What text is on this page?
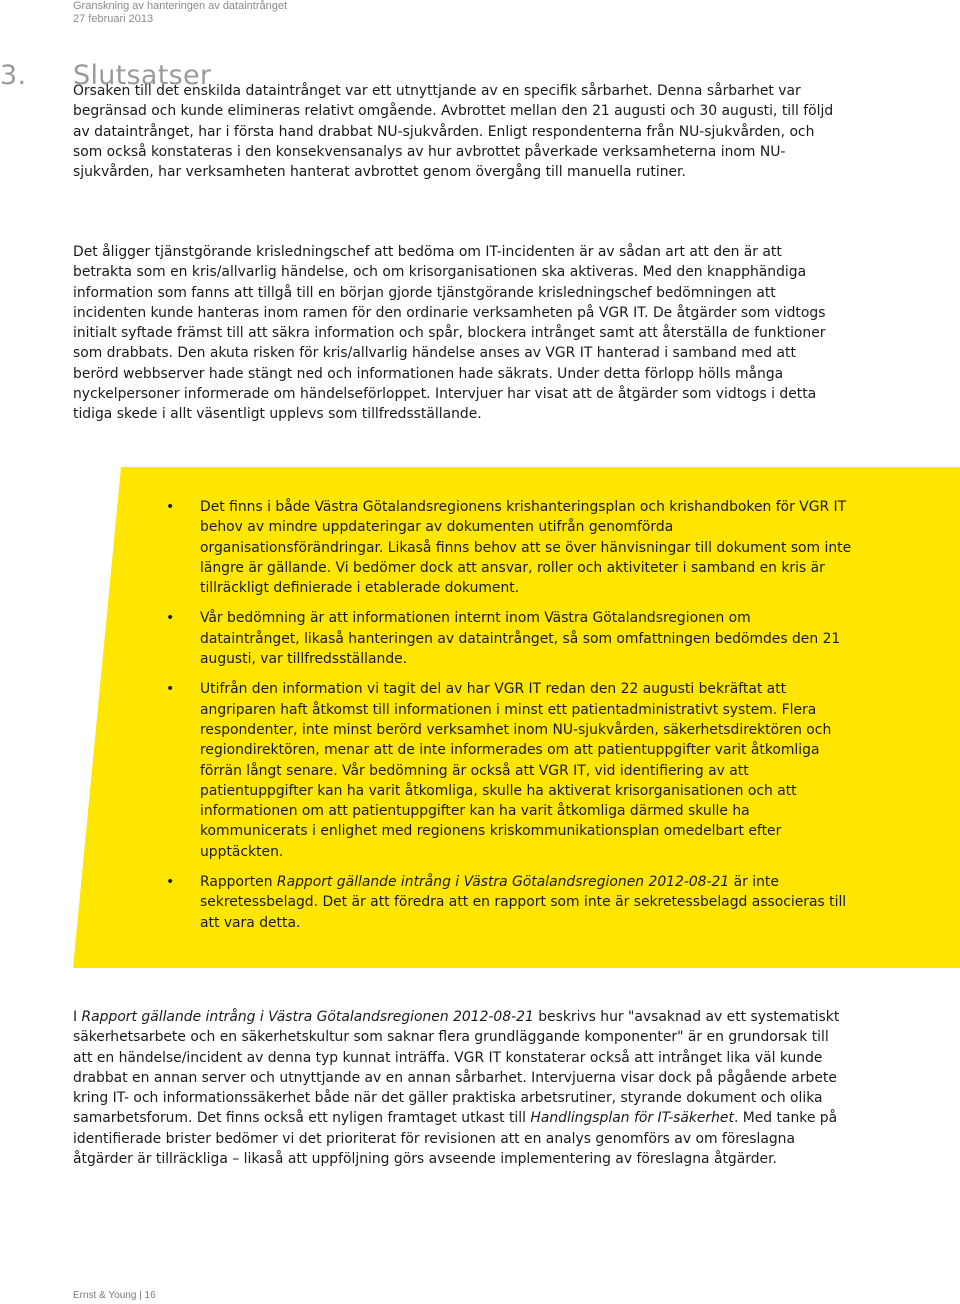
Granskning av hanteringen av dataintrånget
27 februari 2013
3. Slutsatser

Orsaken till det enskilda dataintrånget var ett utnyttjande av en specifik sårbarhet. Denna sårbarhet var begränsad och kunde elimineras relativt omgående. Avbrottet mellan den 21 augusti och 30 augusti, till följd av dataintrånget, har i första hand drabbat NU-sjukvården. Enligt respondenterna från NU-sjukvården, och som också konstateras i den konsekvensanalys av hur avbrottet påverkade verksamheterna inom NU-sjukvården, har verksamheten hanterat avbrottet genom övergång till manuella rutiner.

Det åligger tjänstgörande krisledningschef att bedöma om IT-incidenten är av sådan art att den är att betrakta som en kris/allvarlig händelse, och om krisorganisationen ska aktiveras. Med den knapphändiga information som fanns att tillgå till en början gjorde tjänstgörande krisledningschef bedömningen att incidenten kunde hanteras inom ramen för den ordinarie verksamheten på VGR IT. De åtgärder som vidtogs initialt syftade främst till att säkra information och spår, blockera intrånget samt att återställa de funktioner som drabbats. Den akuta risken för kris/allvarlig händelse anses av VGR IT hanterad i samband med att berörd webbserver hade stängt ned och informationen hade säkrats. Under detta förlopp hölls många nyckelpersoner informerade om händelseförloppet. Intervjuer har visat att de åtgärder som vidtogs i detta tidiga skede i allt väsentligt upplevs som tillfredsställande.

• Det finns i både Västra Götalandsregionens krishanteringsplan och krishandboken för VGR IT behov av mindre uppdateringar av dokumenten utifrån genomförda organisationsförändringar. Likaså finns behov att se över hänvisningar till dokument som inte längre är gällande. Vi bedömer dock att ansvar, roller och aktiviteter i samband en kris är tillräckligt definierade i etablerade dokument.
• Vår bedömning är att informationen internt inom Västra Götalandsregionen om dataintrånget, likaså hanteringen av dataintrånget, så som omfattningen bedömdes den 21 augusti, var tillfredsställande.
• Utifrån den information vi tagit del av har VGR IT redan den 22 augusti bekräftat att angriparen haft åtkomst till informationen i minst ett patientadministrativt system. Flera respondenter, inte minst berörd verksamhet inom NU-sjukvården, säkerhetsdirektören och regiondirektören, menar att de inte informerades om att patientuppgifter varit åtkomliga förrän långt senare. Vår bedömning är också att VGR IT, vid identifiering av att patientuppgifter kan ha varit åtkomliga, skulle ha aktiverat krisorganisationen och att informationen om att patientuppgifter kan ha varit åtkomliga därmed skulle ha kommunicerats i enlighet med regionens kriskommunikationsplan omedelbart efter upptäckten.
• Rapporten Rapport gällande intrång i Västra Götalandsregionen 2012-08-21 är inte sekretessbelagd. Det är att föredra att en rapport som inte är sekretessbelagd associeras till att vara detta.

I Rapport gällande intrång i Västra Götalandsregionen 2012-08-21 beskrivs hur "avsaknad av ett systematiskt säkerhetsarbete och en säkerhetskultur som saknar flera grundläggande komponenter" är en grundorsak till att en händelse/incident av denna typ kunnat inträffa. VGR IT konstaterar också att intrånget lika väl kunde drabbat en annan server och utnyttjande av en annan sårbarhet. Intervjuerna visar dock på pågående arbete kring IT- och informationssäkerhet både när det gäller praktiska arbetsrutiner, styrande dokument och olika samarbetsforum. Det finns också ett nyligen framtaget utkast till Handlingsplan för IT-säkerhet. Med tanke på identifierade brister bedömer vi det prioriterat för revisionen att en analys genomförs av om föreslagna åtgärder är tillräckliga – likaså att uppföljning görs avseende implementering av föreslagna åtgärder.

Ernst & Young | 16
